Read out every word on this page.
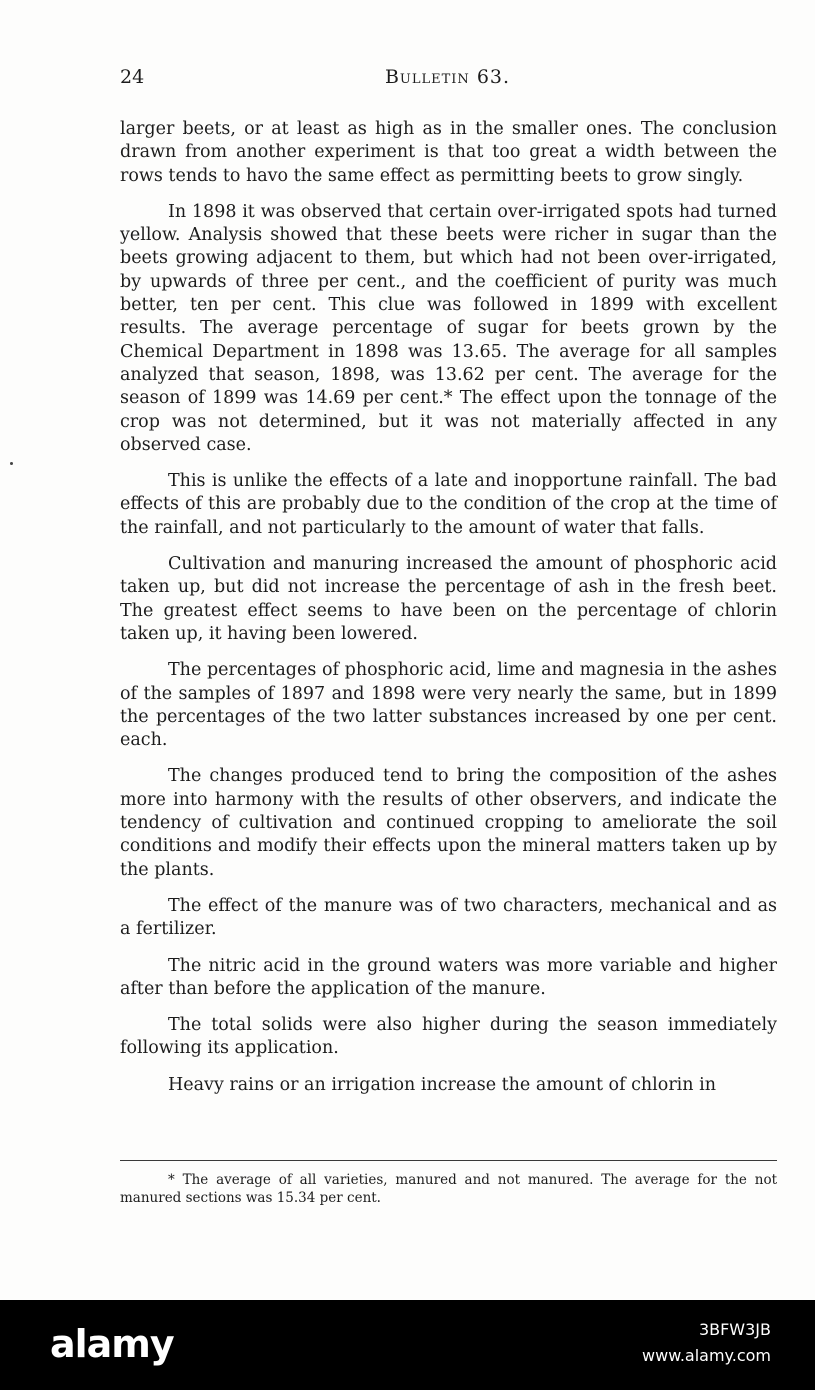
24	Bulletin 63.

larger beets, or at least as high as in the smaller ones. The conclusion drawn from another experiment is that too great a width between the rows tends to havo the same effect as permitting beets to grow singly.

In 1898 it was observed that certain over-irrigated spots had turned yellow. Analysis showed that these beets were richer in sugar than the beets growing adjacent to them, but which had not been over-irrigated, by upwards of three per cent., and the coefficient of purity was much better, ten per cent. This clue was followed in 1899 with excellent results. The average percentage of sugar for beets grown by the Chemical Department in 1898 was 13.65. The average for all samples analyzed that season, 1898, was 13.62 per cent. The average for the season of 1899 was 14.69 per cent.* The effect upon the tonnage of the crop was not determined, but it was not materially affected in any observed case.

This is unlike the effects of a late and inopportune rainfall. The bad effects of this are probably due to the condition of the crop at the time of the rainfall, and not particularly to the amount of water that falls.

Cultivation and manuring increased the amount of phosphoric acid taken up, but did not increase the percentage of ash in the fresh beet. The greatest effect seems to have been on the percentage of chlorin taken up, it having been lowered.

The percentages of phosphoric acid, lime and magnesia in the ashes of the samples of 1897 and 1898 were very nearly the same, but in 1899 the percentages of the two latter substances increased by one per cent. each.

The changes produced tend to bring the composition of the ashes more into harmony with the results of other observers, and indicate the tendency of cultivation and continued cropping to ameliorate the soil conditions and modify their effects upon the mineral matters taken up by the plants.

The effect of the manure was of two characters, mechanical and as a fertilizer.

The nitric acid in the ground waters was more variable and higher after than before the application of the manure.

The total solids were also higher during the season immediately following its application.

Heavy rains or an irrigation increase the amount of chlorin in

* The average of all varieties, manured and not manured. The average for the not manured sections was 15.34 per cent.

alamy	3BFW3JB
www.alamy.com
